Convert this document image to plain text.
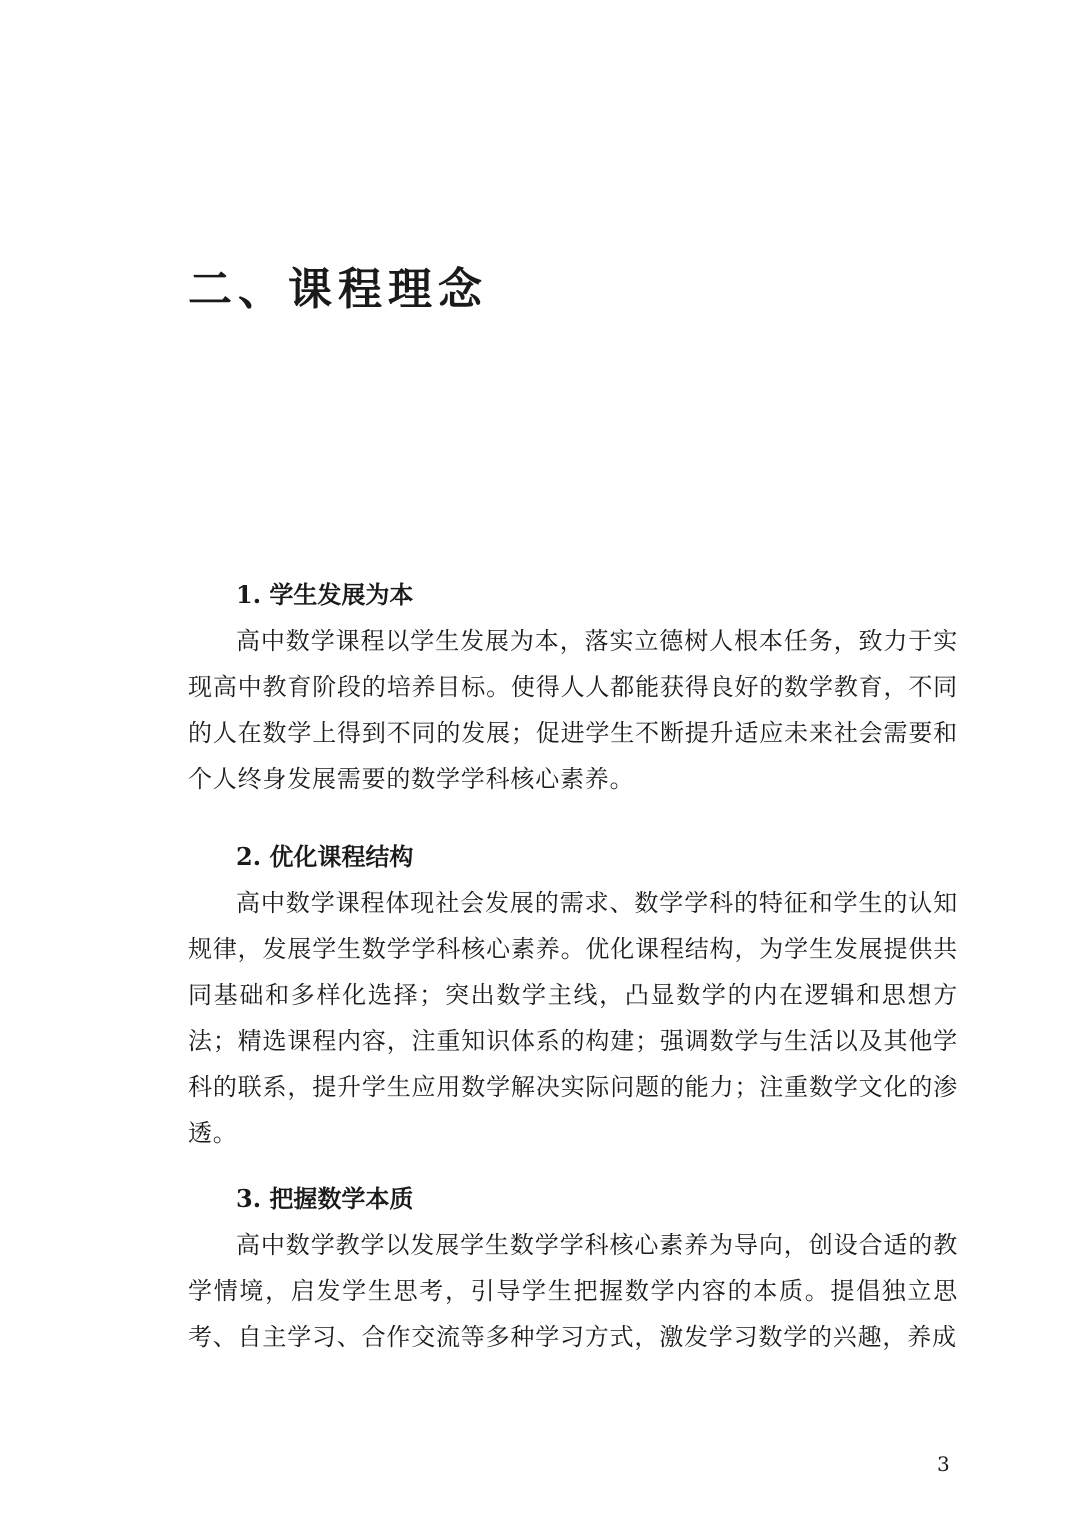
二、课程理念
1. 学生发展为本

高中数学课程以学生发展为本，落实立德树人根本任务，致力于实现高中教育阶段的培养目标。使得人人都能获得良好的数学教育，不同的人在数学上得到不同的发展；促进学生不断提升适应未来社会需要和个人终身发展需要的数学学科核心素养。

2. 优化课程结构

高中数学课程体现社会发展的需求、数学学科的特征和学生的认知规律，发展学生数学学科核心素养。优化课程结构，为学生发展提供共同基础和多样化选择；突出数学主线，凸显数学的内在逻辑和思想方法；精选课程内容，注重知识体系的构建；强调数学与生活以及其他学科的联系，提升学生应用数学解决实际问题的能力；注重数学文化的渗透。

3. 把握数学本质

高中数学教学以发展学生数学学科核心素养为导向，创设合适的教学情境，启发学生思考，引导学生把握数学内容的本质。提倡独立思考、自主学习、合作交流等多种学习方式，激发学习数学的兴趣，养成

3
